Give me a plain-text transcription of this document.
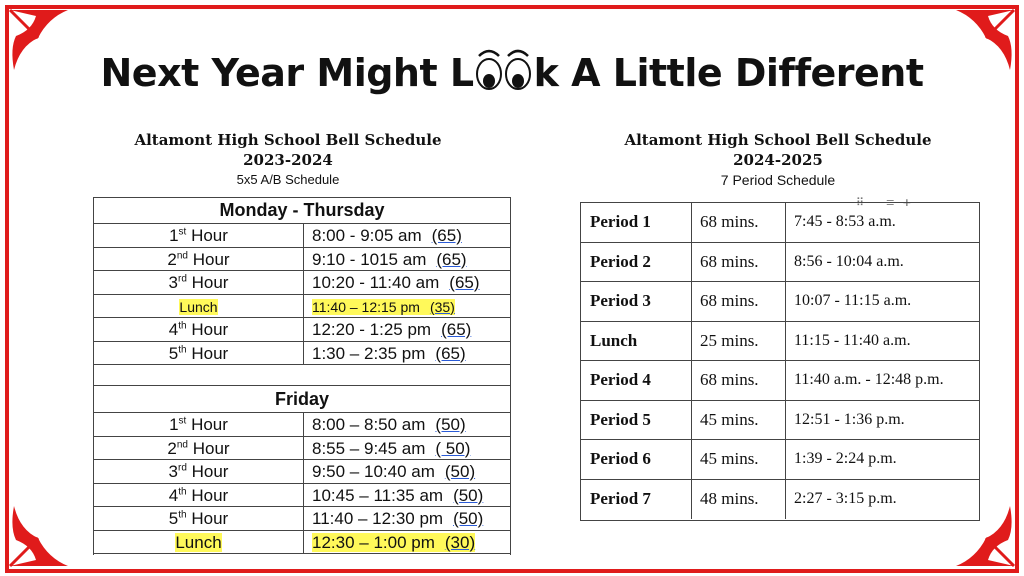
Next Year Might L k A Little Different
Altamont High School Bell Schedule
2023-2024
5x5 A/B Schedule
Altamont High School Bell Schedule
2024-2025
7 Period Schedule
Monday - Thursday
1st Hour	8:00 - 9:05 am (65)
2nd Hour	9:10 - 1015 am (65)
3rd Hour	10:20 - 11:40 am (65)
Lunch	11:40 – 12:15 pm (35)
4th Hour	12:20 - 1:25 pm (65)
5th Hour	1:30 – 2:35 pm (65)
Friday
1st Hour	8:00 – 8:50 am (50)
2nd Hour	8:55 – 9:45 am ( 50)
3rd Hour	9:50 – 10:40 am (50)
4th Hour	10:45 – 11:35 am (50)
5th Hour	11:40 – 12:30 pm (50)
Lunch	12:30 – 1:00 pm (30)
⠿ ≡ +
Period 1	68 mins.	7:45 - 8:53 a.m.
Period 2	68 mins.	8:56 - 10:04 a.m.
Period 3	68 mins.	10:07 - 11:15 a.m.
Lunch	25 mins.	11:15 - 11:40 a.m.
Period 4	68 mins.	11:40 a.m. - 12:48 p.m.
Period 5	45 mins.	12:51 - 1:36 p.m.
Period 6	45 mins.	1:39 - 2:24 p.m.
Period 7	48 mins.	2:27 - 3:15 p.m.
